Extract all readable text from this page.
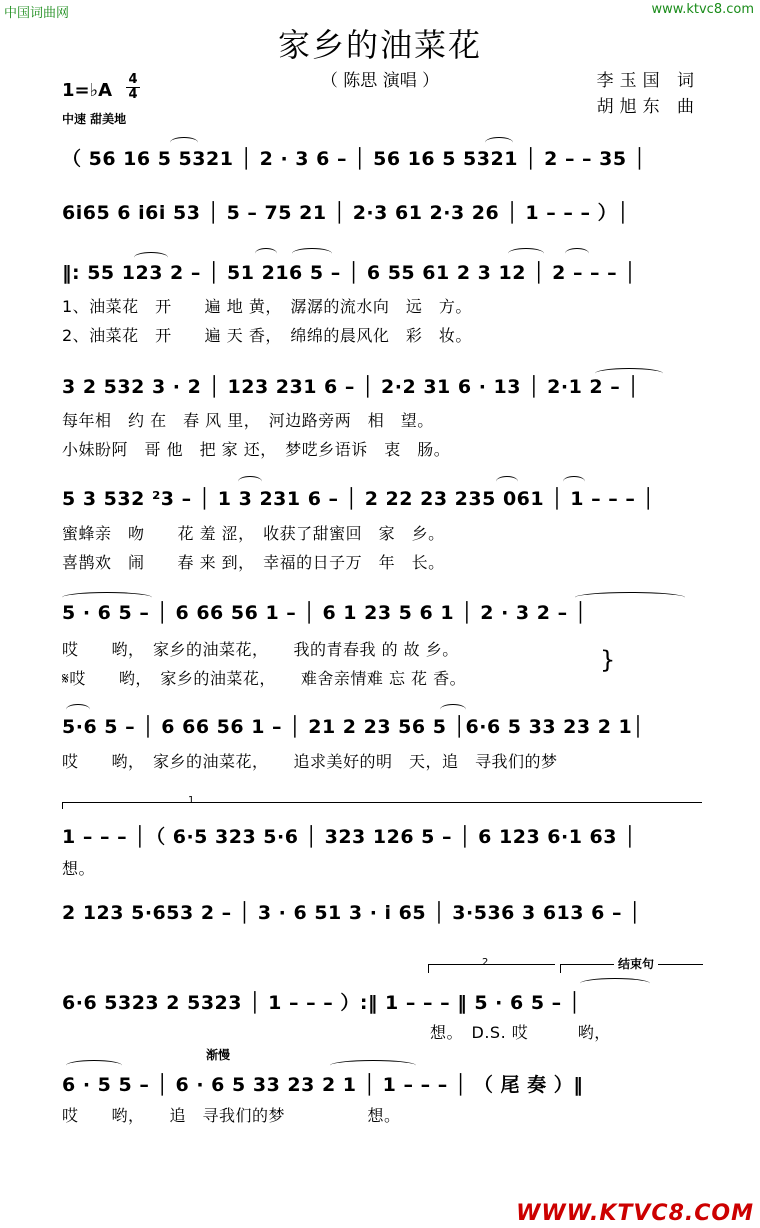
中国词曲网	www.ktvc8.com
家乡的油菜花
（ 陈思 演唱 ）	李玉国 词
胡旭东 曲
1=♭A
4
4
中速 甜美地
（ 56 16 5 5321 │ 2 · 3 6 – │ 56 16 5 5321 │ 2 – – 35 │
6i65 6 i6i 53 │ 5 – 75 21 │ 2·3 61 2·3 26 │ 1 – – – ）│
‖: 55 123 2 – │ 51 216 5 – │ 6 55 61 2 3 12 │ 2 – – – │
1、油菜花　开　　遍 地 黄，　潺潺的流水向　远　方。
2、油菜花　开　　遍 天 香，　绵绵的晨风化　彩　妆。
3 2 532 3 · 2 │ 123 231 6 – │ 2·2 31 6 · 13 │ 2·1 2 – │
每年相　约 在　春 风 里，　河边路旁两　相　望。
小妹盼阿　哥 他　把 家 还，　梦呓乡语诉　衷　肠。
5 3 532 ²3 – │ 1 3 231 6 – │ 2 22 23 235 061 │ 1 – – – │
蜜蜂亲　吻　　花 羞 涩，　收获了甜蜜回　家　乡。
喜鹊欢　闹　　春 来 到，　幸福的日子万　年　长。
5 · 6 5 – │ 6 66 56 1 – │ 6 1 23 5 6 1 │ 2 · 3 2 – │
哎　　哟，　家乡的油菜花，　　我的青春我 的 故 乡。
𝄋哎　　哟，　家乡的油菜花，　　难舍亲情难 忘 花 香。
}
5·6 5 – │ 6 66 56 1 – │ 21 2 23 56 5 │6·6 5 33 23 2 1│
哎　　哟，　家乡的油菜花，　　追求美好的明　天，追　寻我们的梦
1
1 – – – │（ 6·5 323 5·6 │ 323 126 5 – │ 6 123 6·1 63 │
想。
2 123 5·653 2 – │ 3 · 6 51 3 · i 65 │ 3·536 3 613 6 – │
2	结束句
6·6 5323 2 5323 │ 1 – – – ）:‖ 1 – – – ‖ 5 · 6 5 – │
想。　D.S. 哎　　　哟，
渐慢
6 · 5 5 – │ 6 · 6 5 33 23 2 1 │ 1 – – – │ （ 尾 奏 ）‖
哎　　哟，　　追　寻我们的梦　　　　　想。
WWW.KTVC8.COM
